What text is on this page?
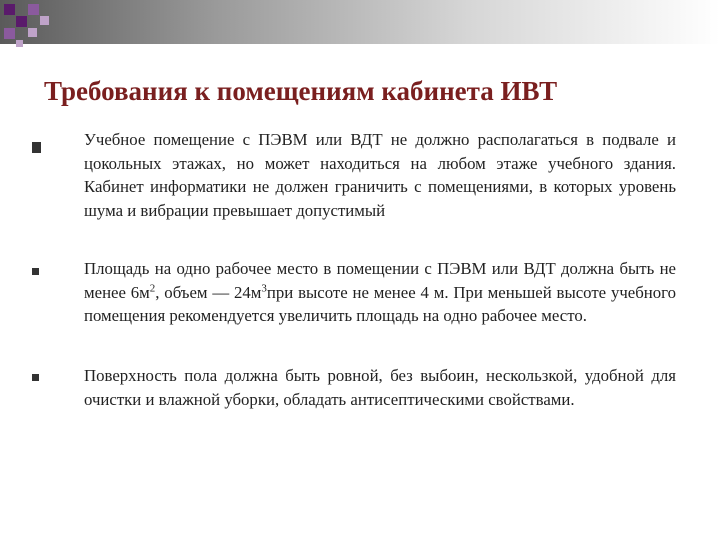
Требования к помещениям кабинета ИВТ

Учебное помещение с ПЭВМ или ВДТ не должно располагаться в подвале и цокольных этажах, но может находиться на любом этаже учебного здания. Кабинет информатики не должен граничить с помещениями, в которых уровень шума и вибрации превышает допустимый

Площадь на одно рабочее место в помещении с ПЭВМ или ВДТ должна быть не менее $6м^2$, объем — $24м^3при$ высоте не менее 4 м. При меньшей высоте учебного помещения рекомендуется увеличить площадь на одно рабочее место.

Поверхность пола должна быть ровной, без выбоин, нескользкой, удобной для очистки и влажной уборки, обладать антисептическими свойствами.
